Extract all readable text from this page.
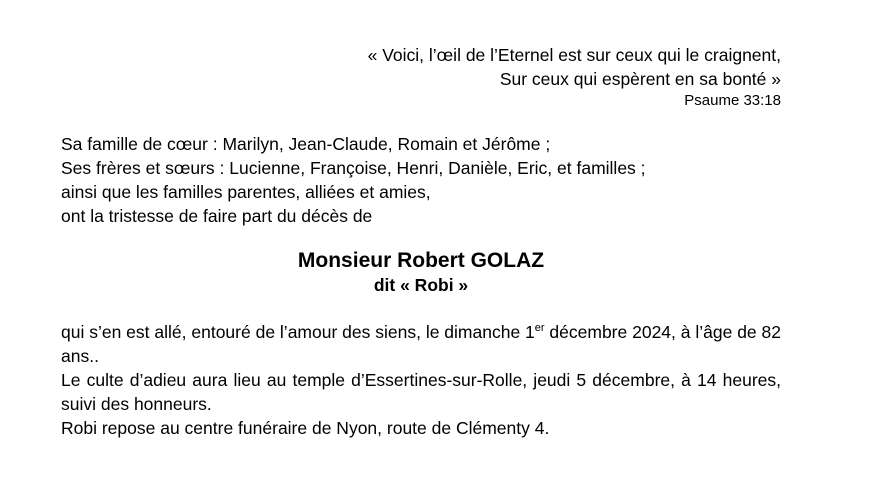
« Voici, l’œil de l’Eternel est sur ceux qui le craignent,
Sur ceux qui espèrent en sa bonté »
Psaume 33:18
Sa famille de cœur : Marilyn, Jean-Claude, Romain et Jérôme ;
Ses frères et sœurs : Lucienne, Françoise, Henri, Danièle, Eric, et familles ;
ainsi que les familles parentes, alliées et amies,
ont la tristesse de faire part du décès de
Monsieur Robert GOLAZ
dit « Robi »
qui s’en est allé, entouré de l’amour des siens, le dimanche 1er décembre 2024, à l’âge de 82 ans..
Le culte d’adieu aura lieu au temple d’Essertines-sur-Rolle, jeudi 5 décembre, à 14 heures, suivi des honneurs.
Robi repose au centre funéraire de Nyon, route de Clémenty 4.
